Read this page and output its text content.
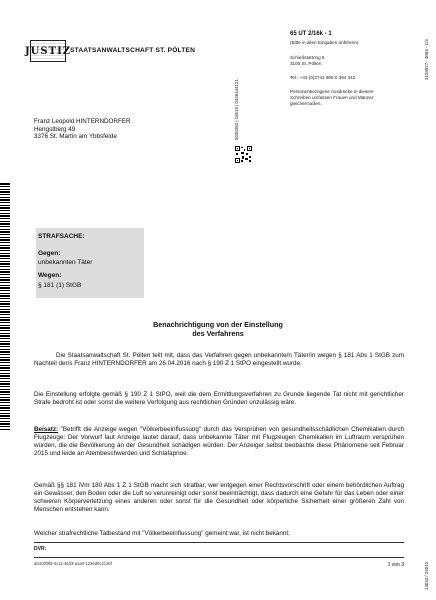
JUSTIZ
STAATSANWALTSCHAFT ST. PÖLTEN
65 UT 2/16k - 1
(Bitte in allen Eingaben anführen)
Schießstattring 6
3100 St. Pölten
Tel.: +43 (0)2742 809 0 394 442
Personenbezogene Ausdrücke in diesem Schreiben umfassen Frauen und Männer gleichermaßen.
3128527 - 4084 - 1/4
14033 / 24012
Franz Leopold HINTERNDORFER
Hengstberg 49
3376 St. Martin am Ybbsfelde	5030383 | 16619 | 0426444121
STRAFSACHE:
Gegen:
unbekannten Täter
Wegen:
§ 181 (1) StGB
Benachrichtigung von der Einstellung
des Verfahrens
Die Staatsanwaltschaft St. Pölten teilt mit, dass das Verfahren gegen unbekannte/n Täter/in wegen § 181 Abs 1 StGB zum Nachteil der/s Franz HINTERNDORFER am 26.04.2016 nach § 190 Z 1 StPO eingestellt wurde.
Die Einstellung erfolgte gemäß § 190 Z 1 StPO, weil die dem Ermittlungsverfahren zu Grunde liegende Tat nicht mit gerichtlicher Strafe bedroht ist oder sonst die weitere Verfolgung aus rechtlichen Gründen unzulässig wäre.
Beisatz: "Betrifft die Anzeige wegen "Völkerbeeinflussung" durch das Versprühen von gesundheitsschädlichen Chemikalien durch Flugzeuge: Der Vorwurf laut Anzeige lautet darauf, dass unbekannte Täter mit Flugzeugen Chemikalien im Luftraum versprühen würden, die die Bevölkerung an der Gesundheit schädigen würden. Der Anzeiger selbst beobachte diese Phänomene seit Februar 2015 und leide an Atembeschwerden und Schlafapnoe.
Gemäß §§ 181 iVm 180 Abs 1 Z 1 StGB macht sich strafbar, wer entgegen einer Rechtsvorschrift oder einem behördlichen Auftrag ein Gewässer, den Boden oder die Luft so verunreinigt oder sonst beeinträchtigt, dass dadurch eine Gefahr für das Leben oder einer schweren Körperverletzung eines anderen oder sonst für die Gesundheit oder körperliche Sicherheit einer größeren Zahl von Menschen entstehen kann.
Welcher strafrechtliche Tatbestand mit "Völkerbeeinflussung" gemeint war, ist nicht bekannt;
DVR:
ab4c0f9f3-4c11-4633-a1a0-1236d0c2130f	1 von 3
